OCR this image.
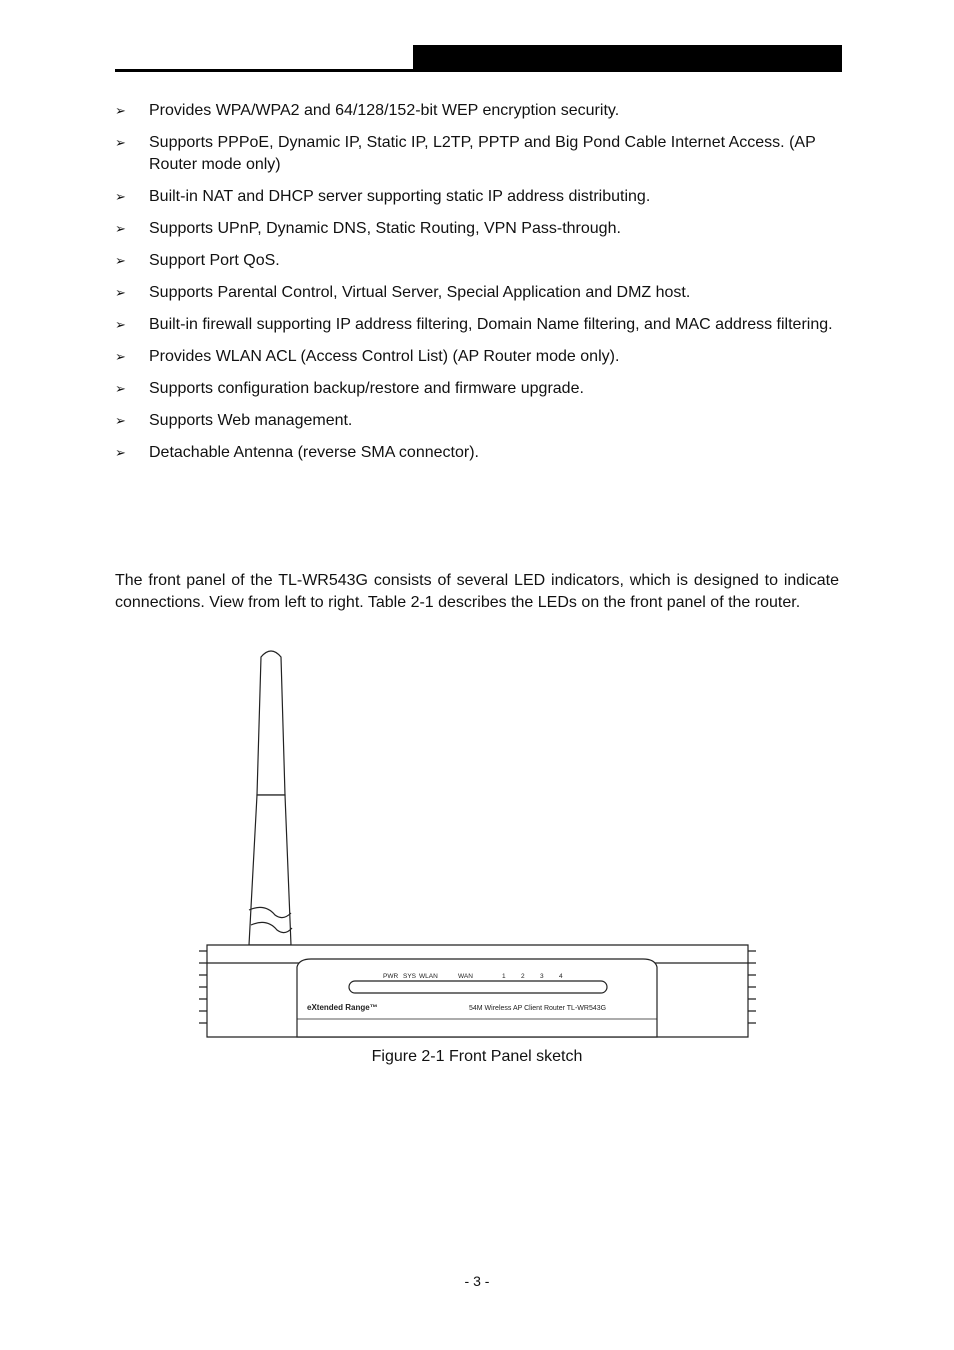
➢ Provides WPA/WPA2 and 64/128/152-bit WEP encryption security.
➢ Supports PPPoE, Dynamic IP, Static IP, L2TP, PPTP and Big Pond Cable Internet Access. (AP Router mode only)
➢ Built-in NAT and DHCP server supporting static IP address distributing.
➢ Supports UPnP, Dynamic DNS, Static Routing, VPN Pass-through.
➢ Support Port QoS.
➢ Supports Parental Control, Virtual Server, Special Application and DMZ host.
➢ Built-in firewall supporting IP address filtering, Domain Name filtering, and MAC address filtering.
➢ Provides WLAN ACL (Access Control List) (AP Router mode only).
➢ Supports configuration backup/restore and firmware upgrade.
➢ Supports Web management.
➢ Detachable Antenna (reverse SMA connector).

The front panel of the TL-WR543G consists of several LED indicators, which is designed to indicate connections. View from left to right. Table 2-1 describes the LEDs on the front panel of the router.

PWR SYS WLAN	WAN	1 2 3 4
eXtended Range™	54M Wireless AP Client Router TL-WR543G
Figure 2-1 Front Panel sketch
- 3 -
